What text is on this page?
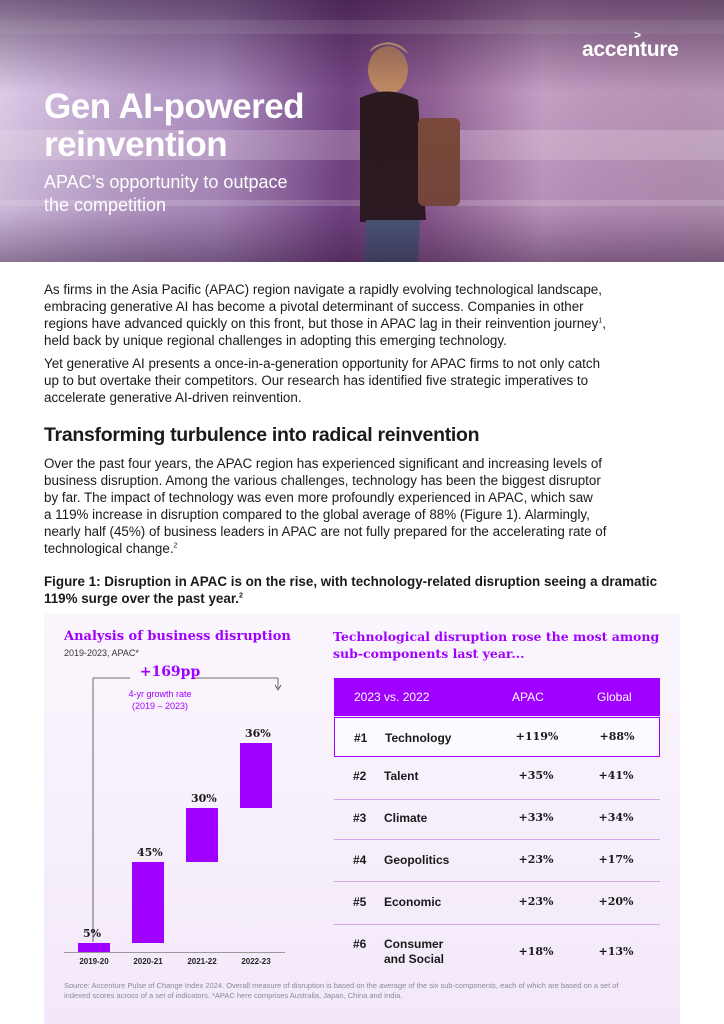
accenture
>
Gen AI-powered
reinvention
APAC’s opportunity to outpace
the competition
As firms in the Asia Pacific (APAC) region navigate a rapidly evolving technological landscape,
embracing generative AI has become a pivotal determinant of success. Companies in other
regions have advanced quickly on this front, but those in APAC lag in their reinvention journey$^1$,
held back by unique regional challenges in adopting this emerging technology.
Yet generative AI presents a once-in-a-generation opportunity for APAC firms to not only catch
up to but overtake their competitors. Our research has identified five strategic imperatives to
accelerate generative AI-driven reinvention.
Transforming turbulence into radical reinvention
Over the past four years, the APAC region has experienced significant and increasing levels of
business disruption. Among the various challenges, technology has been the biggest disruptor
by far. The impact of technology was even more profoundly experienced in APAC, which saw
a 119% increase in disruption compared to the global average of 88% (Figure 1). Alarmingly,
nearly half (45%) of business leaders in APAC are not fully prepared for the accelerating rate of
technological change.$^2$
Figure 1: Disruption in APAC is on the rise, with technology-related disruption seeing a dramatic
119% surge over the past year.$^2$
Analysis of business disruption
2019-2023, APAC*
+169pp
4-yr growth rate
(2019 – 2023)
5%
45%
30%
36%
2019-20	2020-21	2021-22	2022-23
Technological disruption rose the most among
sub-components last year...
2023 vs. 2022	APAC	Global
#1 Technology	+119%	+88%
#2 Talent	+35%	+41%
#3 Climate	+33%	+34%
#4 Geopolitics	+23%	+17%
#5 Economic	+23%	+20%
#6 Consumer
and Social
+18%	+13%
Source: Accenture Pulse of Change Index 2024. Overall measure of disruption is based on the average of the six sub-components, each of which are based on a set of
indexed scores across of a set of indicators. *APAC here comprises Australia, Japan, China and India.
